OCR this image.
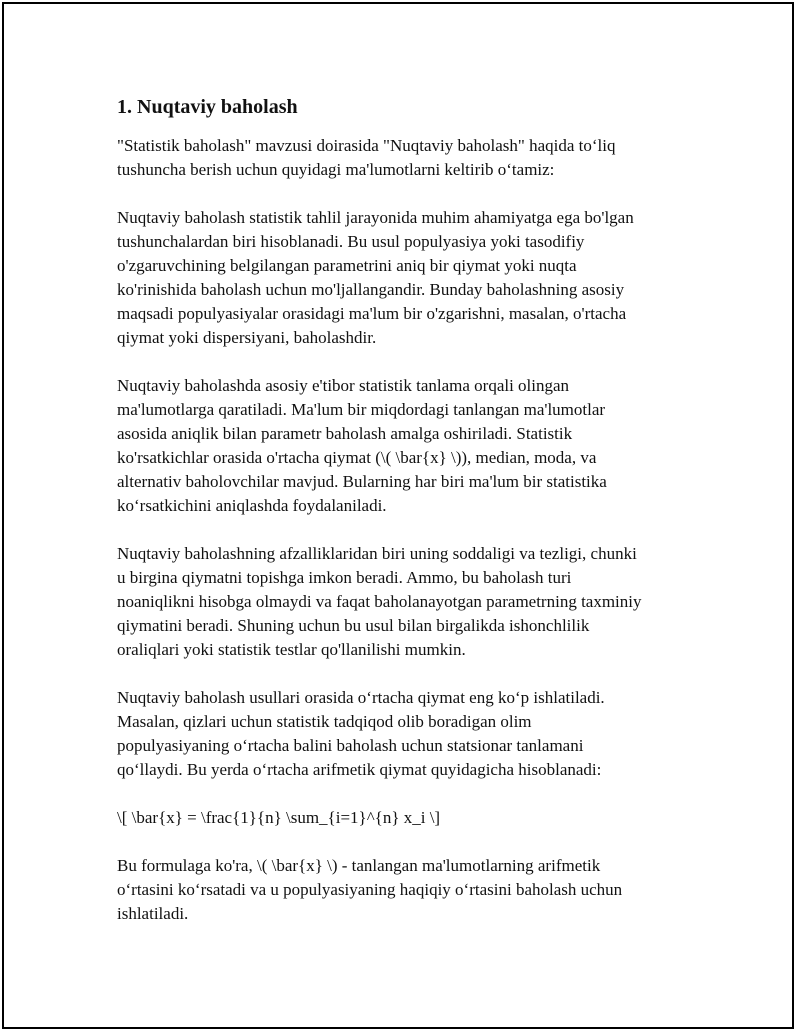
1. Nuqtaviy baholash

"Statistik baholash" mavzusi doirasida "Nuqtaviy baholash" haqida to‘liq
tushuncha berish uchun quyidagi ma'lumotlarni keltirib o‘tamiz:

Nuqtaviy baholash statistik tahlil jarayonida muhim ahamiyatga ega bo'lgan
tushunchalardan biri hisoblanadi. Bu usul populyasiya yoki tasodifiy
o'zgaruvchining belgilangan parametrini aniq bir qiymat yoki nuqta
ko'rinishida baholash uchun mo'ljallangandir. Bunday baholashning asosiy
maqsadi populyasiyalar orasidagi ma'lum bir o'zgarishni, masalan, o'rtacha
qiymat yoki dispersiyani, baholashdir.

Nuqtaviy baholashda asosiy e'tibor statistik tanlama orqali olingan
ma'lumotlarga qaratiladi. Ma'lum bir miqdordagi tanlangan ma'lumotlar
asosida aniqlik bilan parametr baholash amalga oshiriladi. Statistik
ko'rsatkichlar orasida o'rtacha qiymat (\( \bar{x} \)), median, moda, va
alternativ baholovchilar mavjud. Bularning har biri ma'lum bir statistika
ko‘rsatkichini aniqlashda foydalaniladi.

Nuqtaviy baholashning afzalliklaridan biri uning soddaligi va tezligi, chunki
u birgina qiymatni topishga imkon beradi. Ammo, bu baholash turi
noaniqlikni hisobga olmaydi va faqat baholanayotgan parametrning taxminiy
qiymatini beradi. Shuning uchun bu usul bilan birgalikda ishonchlilik
oraliqlari yoki statistik testlar qo'llanilishi mumkin.

Nuqtaviy baholash usullari orasida o‘rtacha qiymat eng ko‘p ishlatiladi.
Masalan, qizlari uchun statistik tadqiqod olib boradigan olim
populyasiyaning o‘rtacha balini baholash uchun statsionar tanlamani
qo‘llaydi. Bu yerda o‘rtacha arifmetik qiymat quyidagicha hisoblanadi:

\[ \bar{x} = \frac{1}{n} \sum_{i=1}^{n} x_i \]

Bu formulaga ko'ra, \( \bar{x} \) - tanlangan ma'lumotlarning arifmetik
o‘rtasini ko‘rsatadi va u populyasiyaning haqiqiy o‘rtasini baholash uchun
ishlatiladi.
